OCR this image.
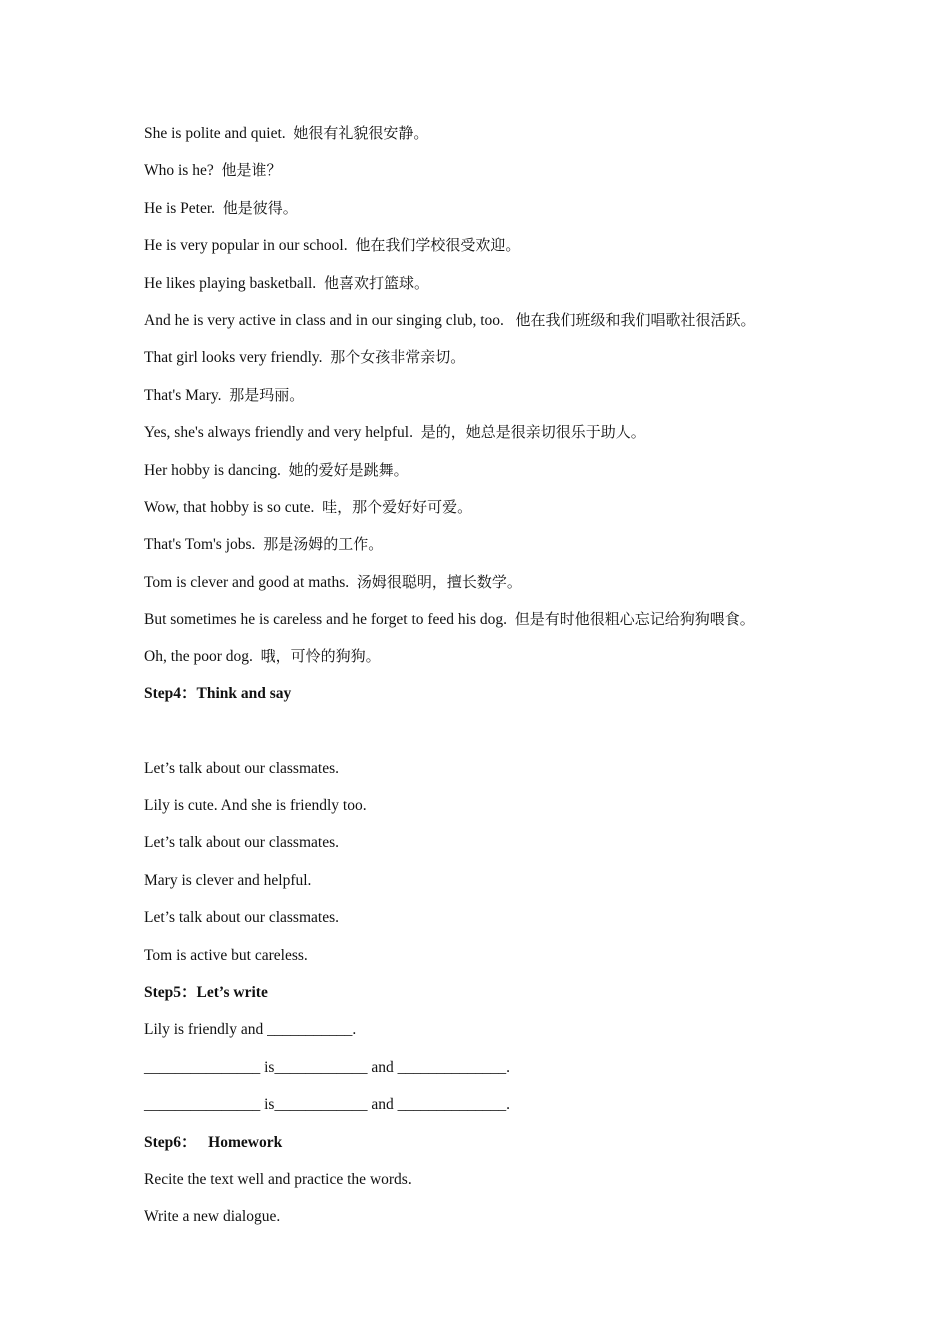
She is polite and quiet. 她很有礼貌很安静。
Who is he? 他是谁？
He is Peter. 他是彼得。
He is very popular in our school. 他在我们学校很受欢迎。
He likes playing basketball. 他喜欢打篮球。
And he is very active in class and in our singing club, too. 他在我们班级和我们唱歌社很活跃。
That girl looks very friendly. 那个女孩非常亲切。
That's Mary. 那是玛丽。
Yes, she's always friendly and very helpful. 是的，她总是很亲切很乐于助人。
Her hobby is dancing. 她的爱好是跳舞。
Wow, that hobby is so cute. 哇，那个爱好好可爱。
That's Tom's jobs. 那是汤姆的工作。
Tom is clever and good at maths. 汤姆很聪明，擅长数学。
But sometimes he is careless and he forget to feed his dog. 但是有时他很粗心忘记给狗狗喂食。
Oh, the poor dog. 哦，可怜的狗狗。
Step4：Think and say
Let’s talk about our classmates.
Lily is cute. And she is friendly too.
Let’s talk about our classmates.
Mary is clever and helpful.
Let’s talk about our classmates.
Tom is active but careless.
Step5：Let’s write
Lily is friendly and ___________.
_______________ is____________ and ______________.
_______________ is____________ and ______________.
Step6：   Homework
Recite the text well and practice the words.
Write a new dialogue.
